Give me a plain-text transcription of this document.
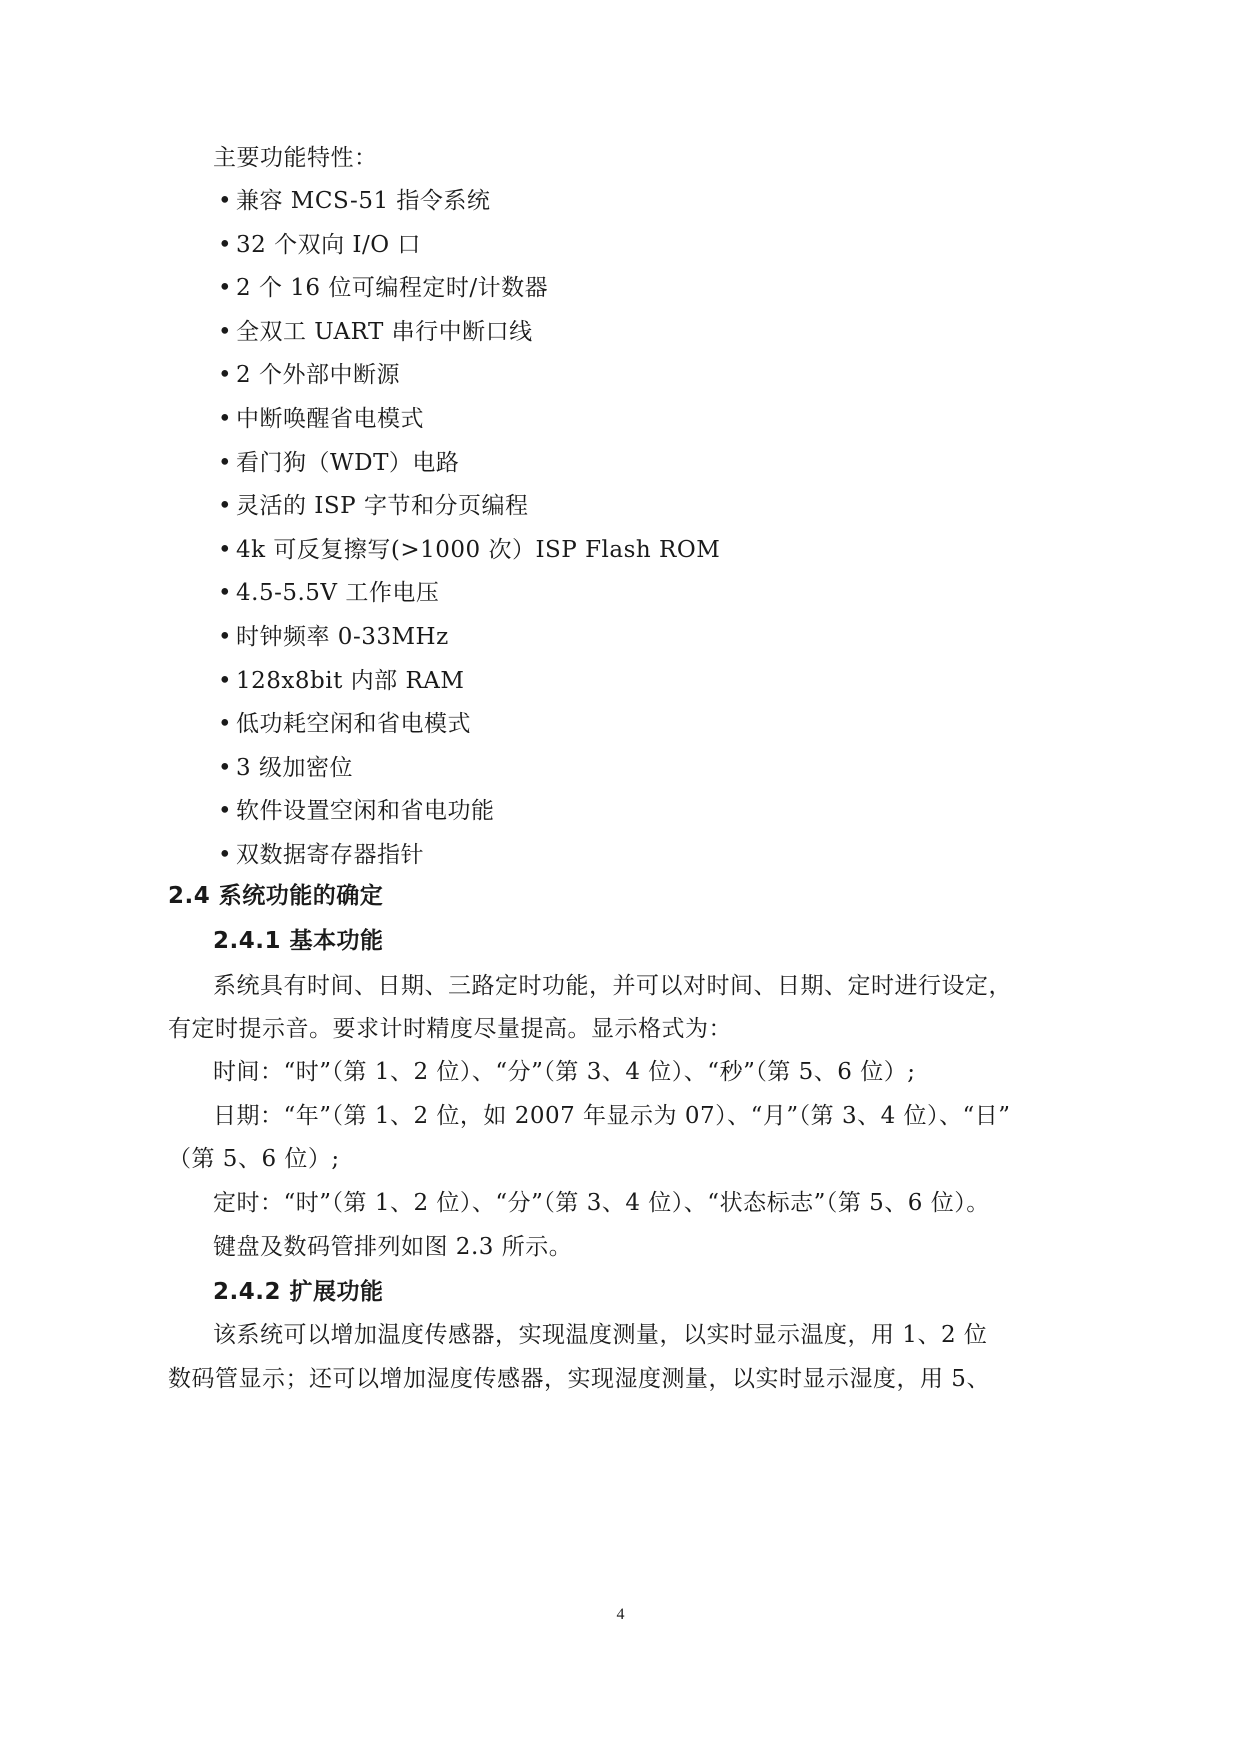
主要功能特性：
• 兼容 MCS-51 指令系统
• 32 个双向 I/O 口
• 2 个 16 位可编程定时/计数器
• 全双工 UART 串行中断口线
• 2 个外部中断源
• 中断唤醒省电模式
• 看门狗（WDT）电路
• 灵活的 ISP 字节和分页编程
• 4k 可反复擦写(>1000 次）ISP Flash ROM
• 4.5-5.5V 工作电压
• 时钟频率 0-33MHz
• 128x8bit 内部 RAM
• 低功耗空闲和省电模式
• 3 级加密位
• 软件设置空闲和省电功能
• 双数据寄存器指针
2.4 系统功能的确定
2.4.1 基本功能
系统具有时间、日期、三路定时功能，并可以对时间、日期、定时进行设定，
有定时提示音。要求计时精度尽量提高。显示格式为：
时间：“时”（第 1、2 位）、“分”（第 3、4 位）、“秒”（第 5、6 位）;
日期：“年”（第 1、2 位，如 2007 年显示为 07）、“月”（第 3、4 位）、“日”
（第 5、6 位）;
定时：“时”（第 1、2 位）、“分”（第 3、4 位）、“状态标志”（第 5、6 位）。
键盘及数码管排列如图 2.3 所示。
2.4.2 扩展功能
该系统可以增加温度传感器，实现温度测量，以实时显示温度，用 1、2 位
数码管显示；还可以增加湿度传感器，实现湿度测量，以实时显示湿度，用 5、
4
